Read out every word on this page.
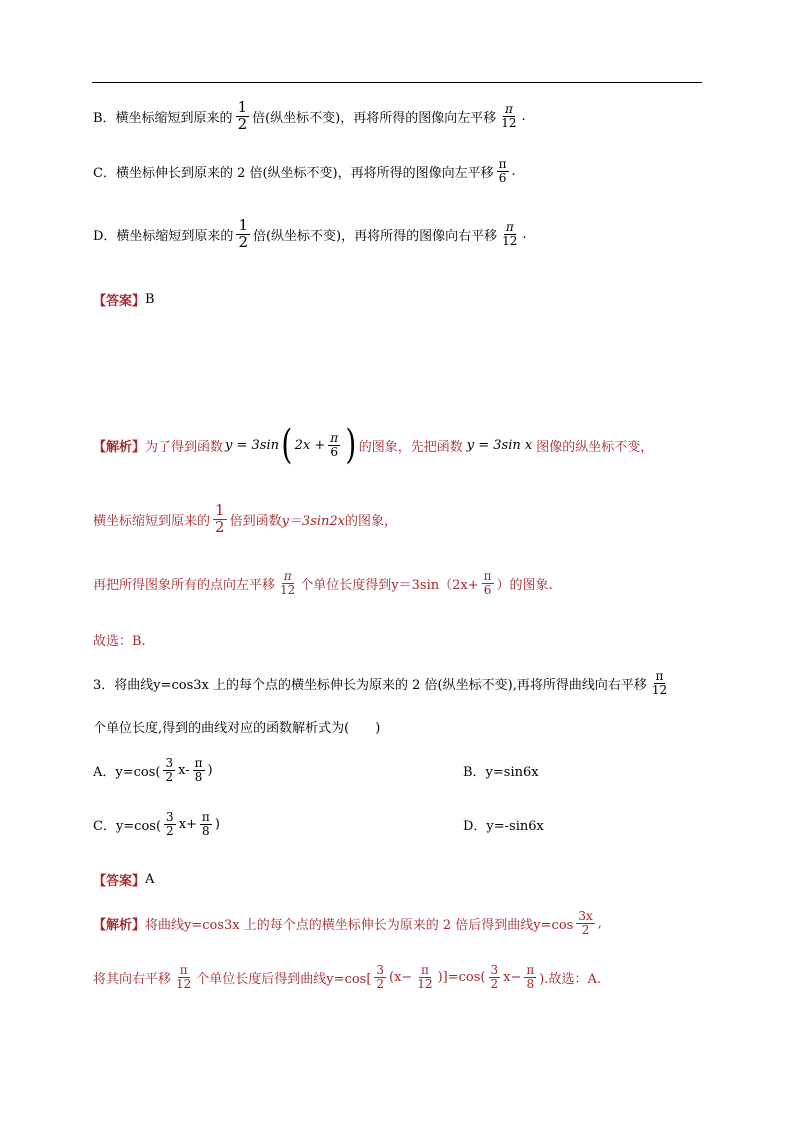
B．横坐标缩短到原来的 $\frac{1}{2}$ 倍(纵坐标不变)，再将所得的图像向左平移 $\frac{\pi}{12}$ .
C．横坐标伸长到原来的 2 倍(纵坐标不变)，再将所得的图像向左平移 $\frac{\pi}{6}$ .
D．横坐标缩短到原来的 $\frac{1}{2}$ 倍(纵坐标不变)，再将所得的图像向右平移 $\frac{\pi}{12}$ .
【答案】 B
【解析】 为了得到函数 y = 3sin ( $2x + \frac{\pi}{6}$ ) 的图象，先把函数 y = 3sin x 图像的纵坐标不变，
横坐标缩短到原来的 $\frac{1}{2}$ 倍到函数 y＝3sin2x 的图象，
再把所得图象所有的点向左平移 $\frac{\pi}{12}$ 个单位长度得到 $y=3\sin(2x+ \frac{\pi}{6}$ ）的图象.
故选：B.
3．将曲线y=cos3x 上的每个点的横坐标伸长为原来的 2 倍(纵坐标不变),再将所得曲线向右平移 $\frac{\pi}{12}$
个单位长度,得到的曲线对应的函数解析式为(　　)
A．$y=\cos( \frac{3}{2} x- \frac{\pi}{8}$ )	B．y=sin6x
C．$y=\cos( \frac{3}{2} x+ \frac{\pi}{8}$ )	D．y=-sin6x
【答案】 A
【解析】 将曲线y=cos3x 上的每个点的横坐标伸长为原来的 2 倍后得到曲线$y=\cos \frac{3x}{2}$ ,
将其向右平移 $\frac{\pi}{12}$ 个单位长度后得到曲线$y=\cos[ \frac{3}{2} (x- \frac{\pi}{12} )]=\cos( \frac{3}{2} x- \frac{\pi}{8}$ ).故选：A.
